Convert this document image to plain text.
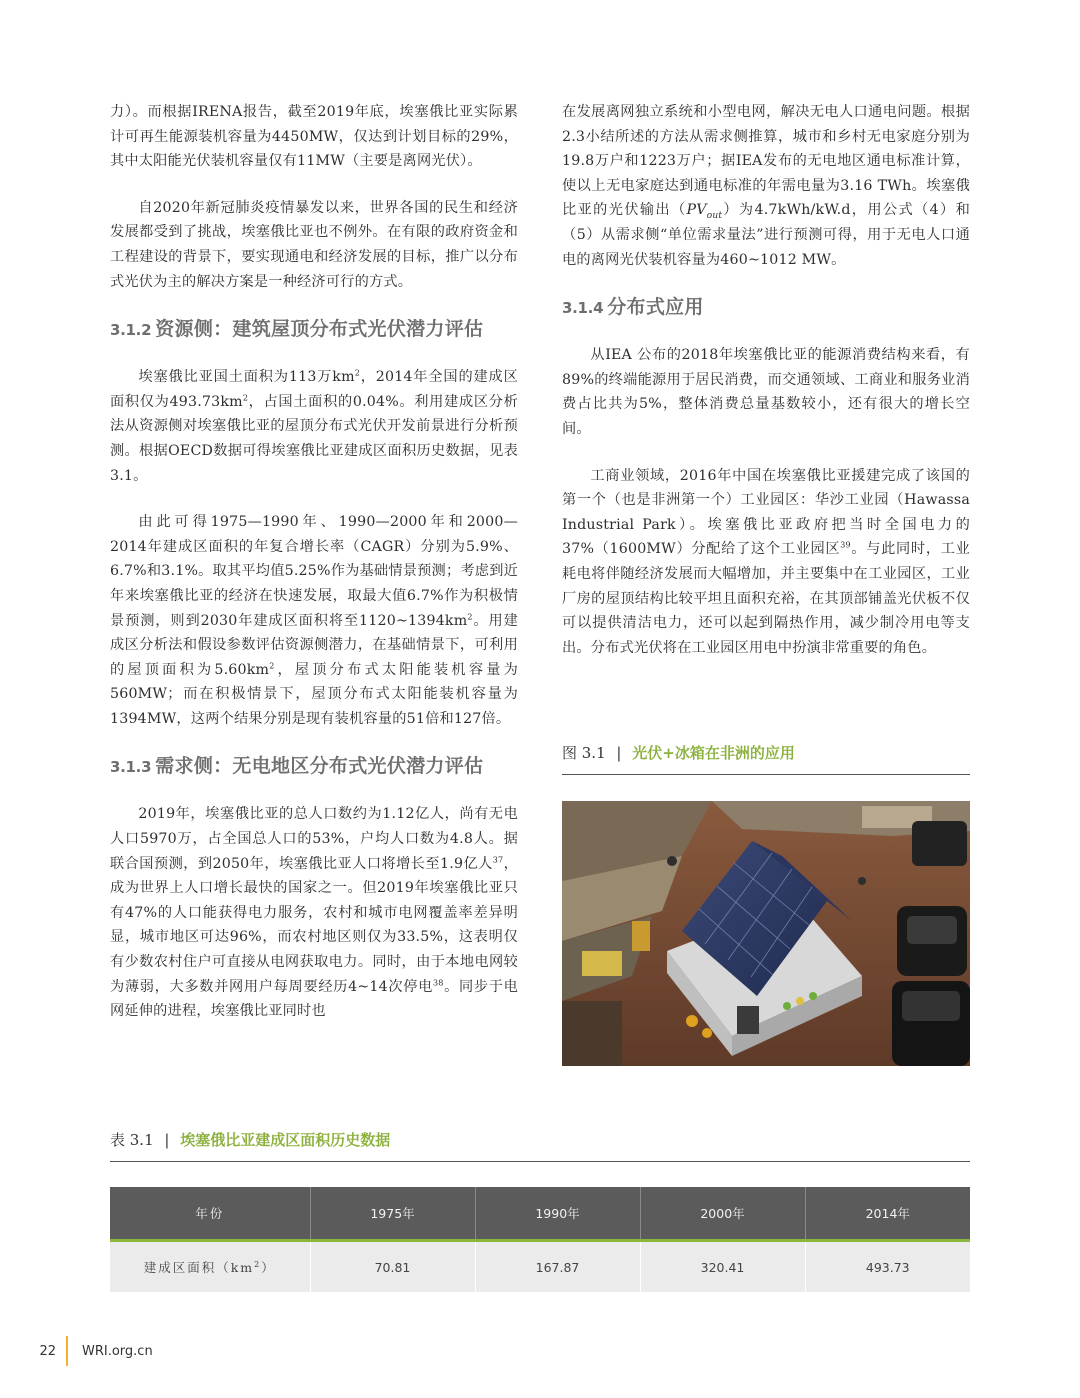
力）。而根据IRENA报告，截至2019年底，埃塞俄比亚实际累计可再生能源装机容量为4450MW，仅达到计划目标的29%，其中太阳能光伏装机容量仅有11MW（主要是离网光伏）。

自2020年新冠肺炎疫情暴发以来，世界各国的民生和经济发展都受到了挑战，埃塞俄比亚也不例外。在有限的政府资金和工程建设的背景下，要实现通电和经济发展的目标，推广以分布式光伏为主的解决方案是一种经济可行的方式。

3.1.2 资源侧：建筑屋顶分布式光伏潜力评估

埃塞俄比亚国土面积为113万$km^2$，2014年全国的建成区面积仅为$493.73km^2$，占国土面积的0.04%。利用建成区分析法从资源侧对埃塞俄比亚的屋顶分布式光伏开发前景进行分析预测。根据OECD数据可得埃塞俄比亚建成区面积历史数据，见表3.1。

由此可得1975—1990年、1990—2000年和2000—2014年建成区面积的年复合增长率（CAGR）分别为5.9%、6.7%和3.1%。取其平均值5.25%作为基础情景预测；考虑到近年来埃塞俄比亚的经济在快速发展，取最大值6.7%作为积极情景预测，则到2030年建成区面积将至$1120\sim 1394km^2$。用建成区分析法和假设参数评估资源侧潜力，在基础情景下，可利用的屋顶面积为$5.60km^2$，屋顶分布式太阳能装机容量为560MW；而在积极情景下，屋顶分布式太阳能装机容量为1394MW，这两个结果分别是现有装机容量的51倍和127倍。

3.1.3 需求侧：无电地区分布式光伏潜力评估

2019年，埃塞俄比亚的总人口数约为1.12亿人，尚有无电人口5970万，占全国总人口的53%，户均人口数为4.8人。据联合国预测，到2050年，埃塞俄比亚人口将增长至1.9亿人$^{37}$，成为世界上人口增长最快的国家之一。但2019年埃塞俄比亚只有47%的人口能获得电力服务，农村和城市电网覆盖率差异明显，城市地区可达96%，而农村地区则仅为33.5%，这表明仅有少数农村住户可直接从电网获取电力。同时，由于本地电网较为薄弱，大多数并网用户每周要经历4~14次停电$^{38}$。同步于电网延伸的进程，埃塞俄比亚同时也

在发展离网独立系统和小型电网，解决无电人口通电问题。根据2.3小结所述的方法从需求侧推算，城市和乡村无电家庭分别为19.8万户和1223万户；据IEA发布的无电地区通电标准计算，使以上无电家庭达到通电标准的年需电量为3.16 TWh。埃塞俄比亚的光伏输出$(PV_{out})$为4.7kWh/kW.d，用公式（4）和（5）从需求侧“单位需求量法”进行预测可得，用于无电人口通电的离网光伏装机容量为460~1012 MW。

3.1.4 分布式应用

从IEA 公布的2018年埃塞俄比亚的能源消费结构来看，有89%的终端能源用于居民消费，而交通领域、工商业和服务业消费占比共为5%，整体消费总量基数较小，还有很大的增长空间。

工商业领域，2016年中国在埃塞俄比亚援建完成了该国的第一个（也是非洲第一个）工业园区：华沙工业园（Hawassa Industrial Park）。埃塞俄比亚政府把当时全国电力的37%（1600MW）分配给了这个工业园区$^{39}$。与此同时，工业耗电将伴随经济发展而大幅增加，并主要集中在工业园区，工业厂房的屋顶结构比较平坦且面积充裕，在其顶部铺盖光伏板不仅可以提供清洁电力，还可以起到隔热作用，减少制冷用电等支出。分布式光伏将在工业园区用电中扮演非常重要的角色。

图 3.1 | 光伏+冰箱在非洲的应用
表 3.1 | 埃塞俄比亚建成区面积历史数据
年份	1975年	1990年	2000年	2014年
建成区面积$(km^2)$	70.81	167.87	320.41	493.73
22 WRI.org.cn
